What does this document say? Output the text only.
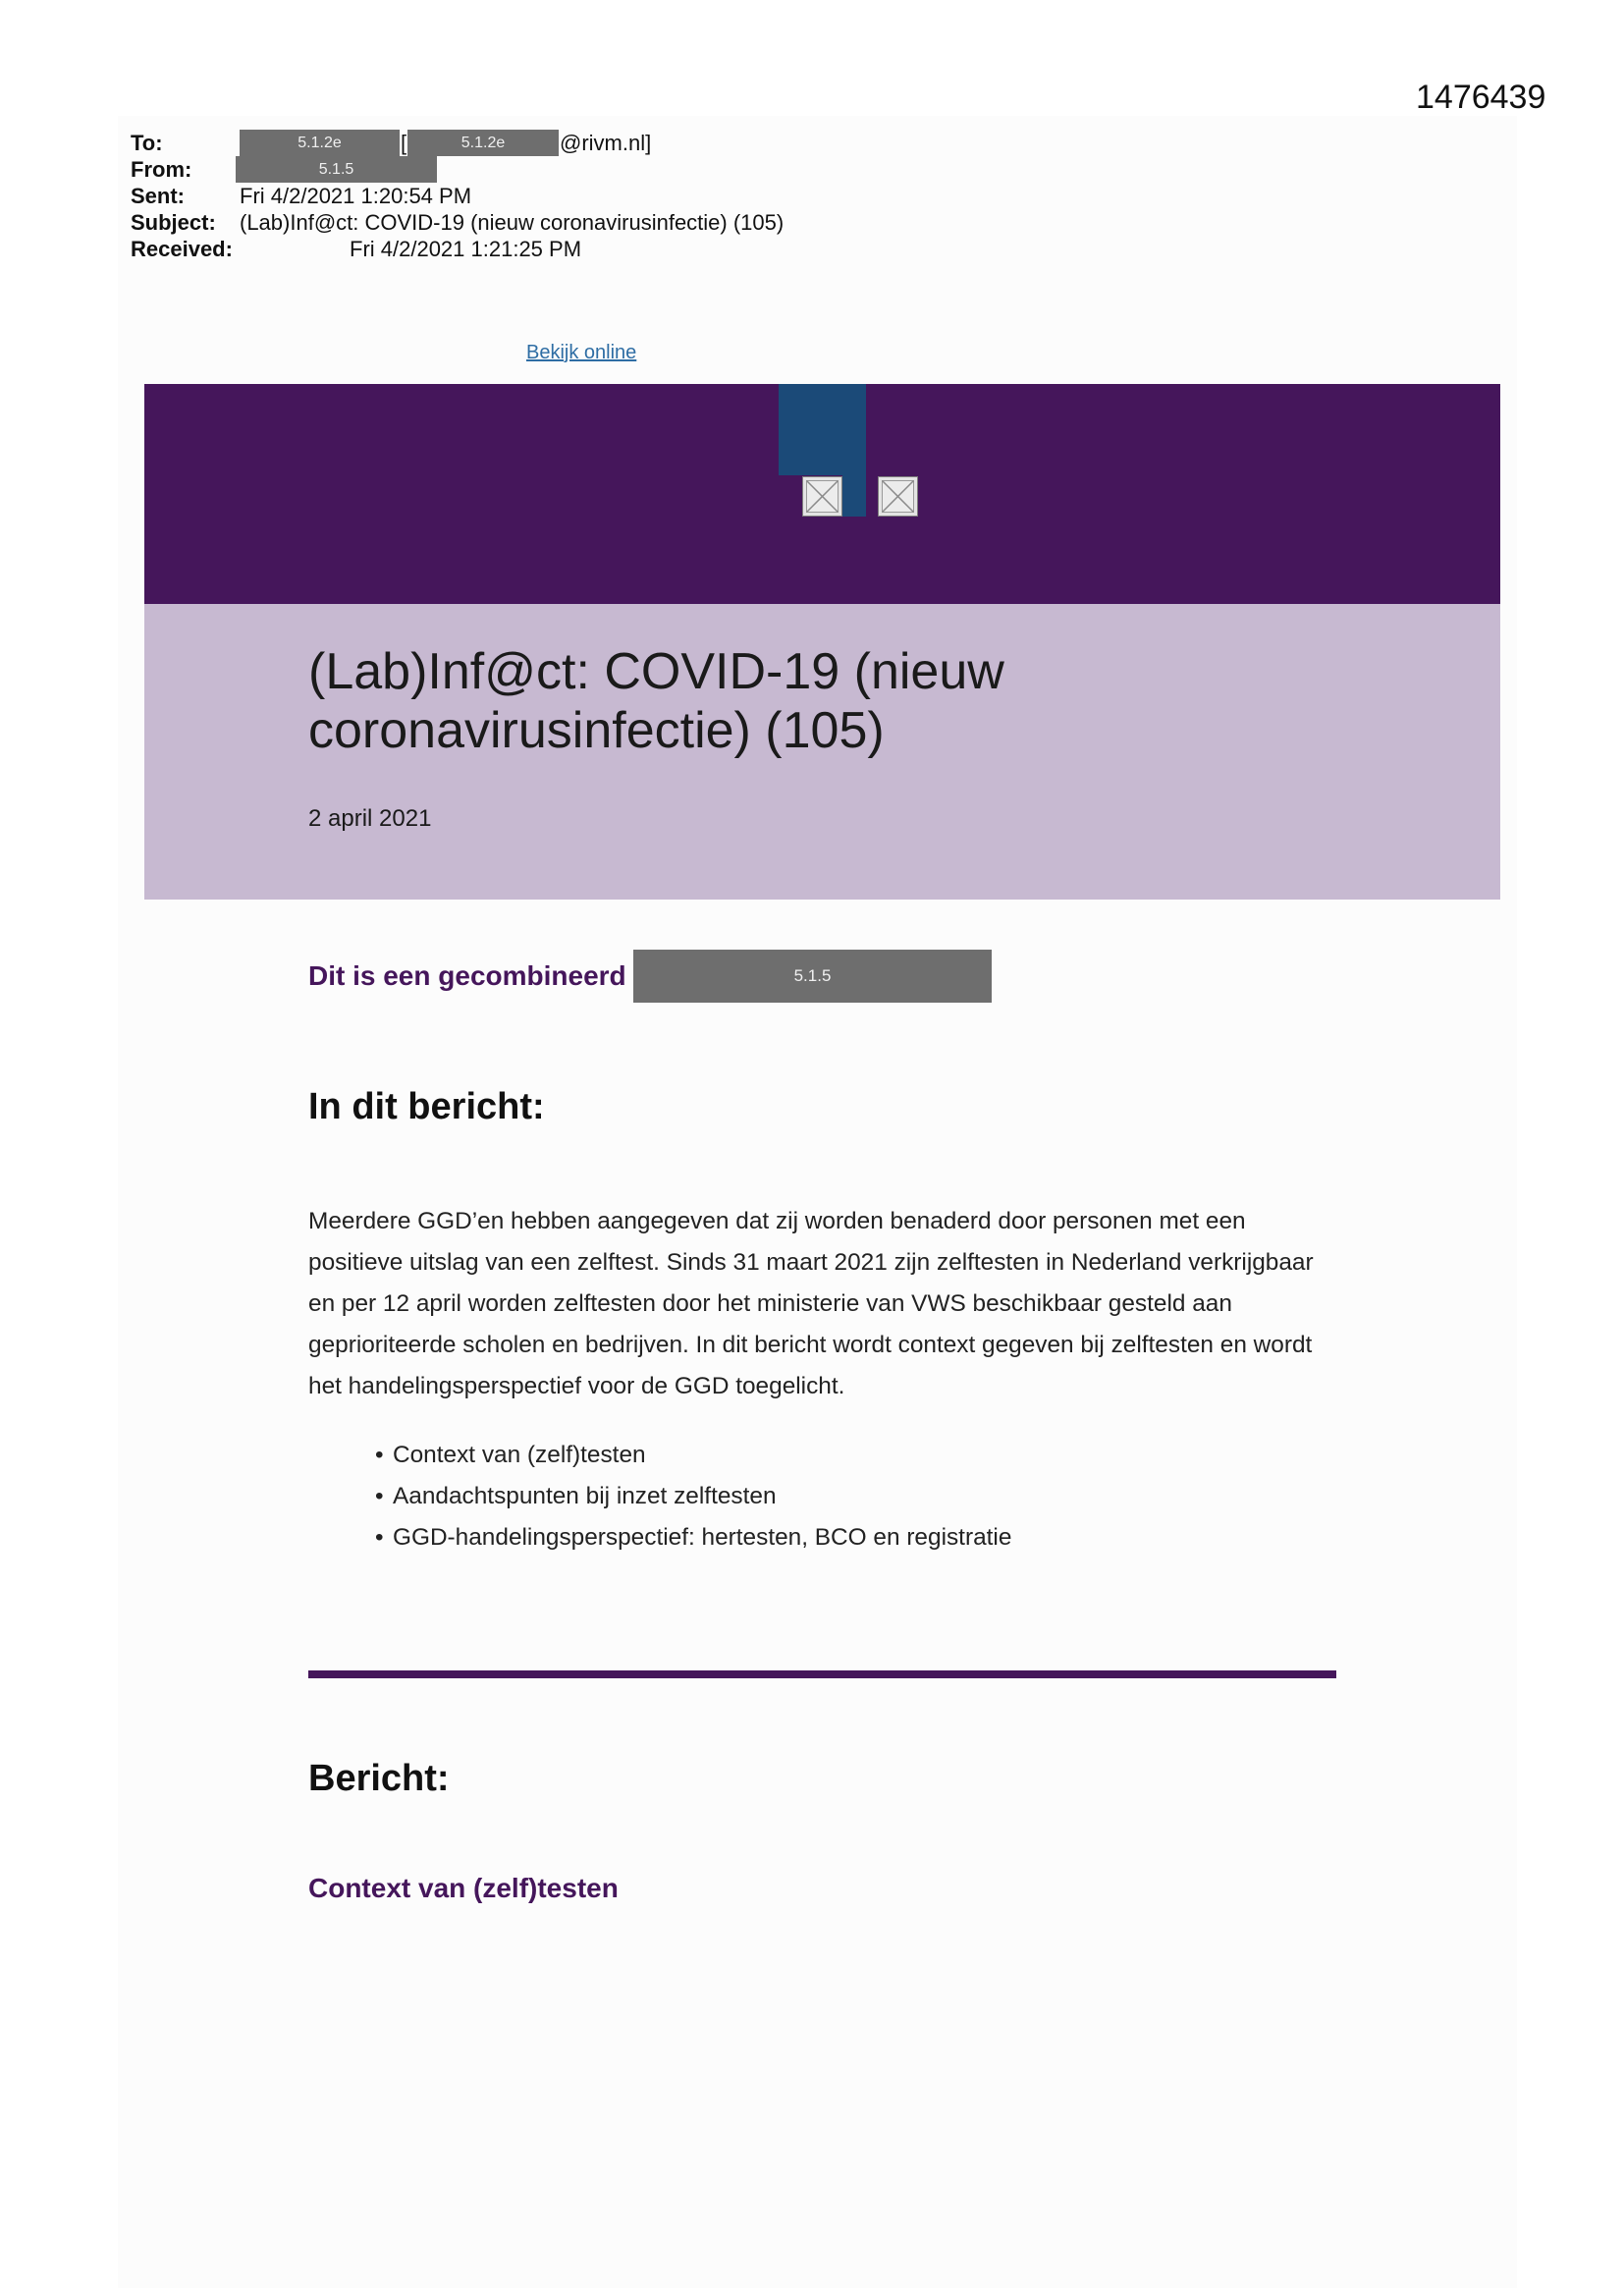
1476439
To:	5.1.2e	[	5.1.2e	@rivm.nl]
From:	5.1.5
Sent:	Fri 4/2/2021 1:20:54 PM
Subject: (Lab)Inf@ct: COVID-19 (nieuw coronavirusinfectie) (105)
Received:	Fri 4/2/2021 1:21:25 PM
Bekijk online
(Lab)Inf@ct: COVID-19 (nieuw coronavirusinfectie) (105)
2 april 2021
Dit is een gecombineerd	5.1.5
In dit bericht:

Meerdere GGD’en hebben aangegeven dat zij worden benaderd door personen met een positieve uitslag van een zelftest. Sinds 31 maart 2021 zijn zelftesten in Nederland verkrijgbaar en per 12 april worden zelftesten door het ministerie van VWS beschikbaar gesteld aan geprioriteerde scholen en bedrijven. In dit bericht wordt context gegeven bij zelftesten en wordt het handelingsperspectief voor de GGD toegelicht.

• Context van (zelf)testen
• Aandachtspunten bij inzet zelftesten
• GGD-handelingsperspectief: hertesten, BCO en registratie
Bericht:
Context van (zelf)testen
